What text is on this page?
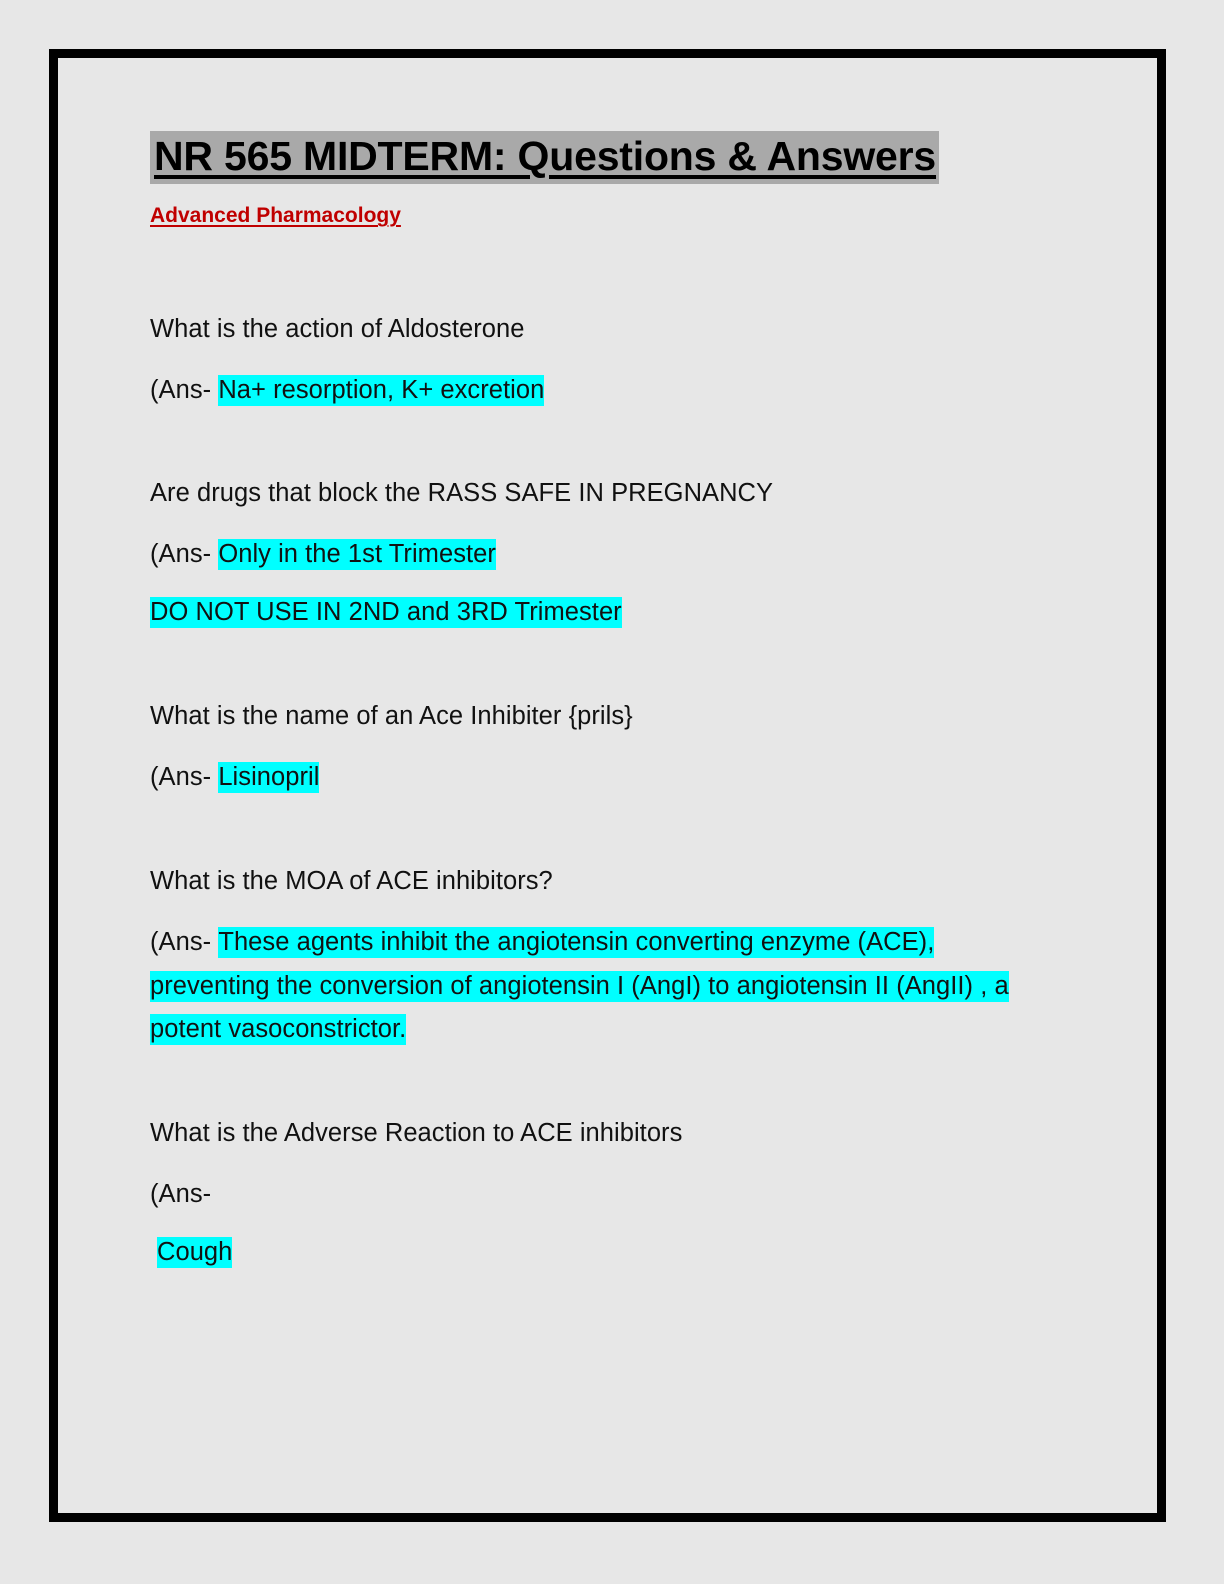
NR 565 MIDTERM: Questions & Answers

Advanced Pharmacology

What is the action of Aldosterone

(Ans- Na+ resorption, K+ excretion

Are drugs that block the RASS SAFE IN PREGNANCY

(Ans- Only in the 1st Trimester

DO NOT USE IN 2ND and 3RD Trimester

What is the name of an Ace Inhibiter {prils}

(Ans- Lisinopril

What is the MOA of ACE inhibitors?

(Ans- These agents inhibit the angiotensin converting enzyme (ACE), preventing the conversion of angiotensin I (AngI) to angiotensin II (AngII) , a potent vasoconstrictor.

What is the Adverse Reaction to ACE inhibitors

(Ans-

Cough
